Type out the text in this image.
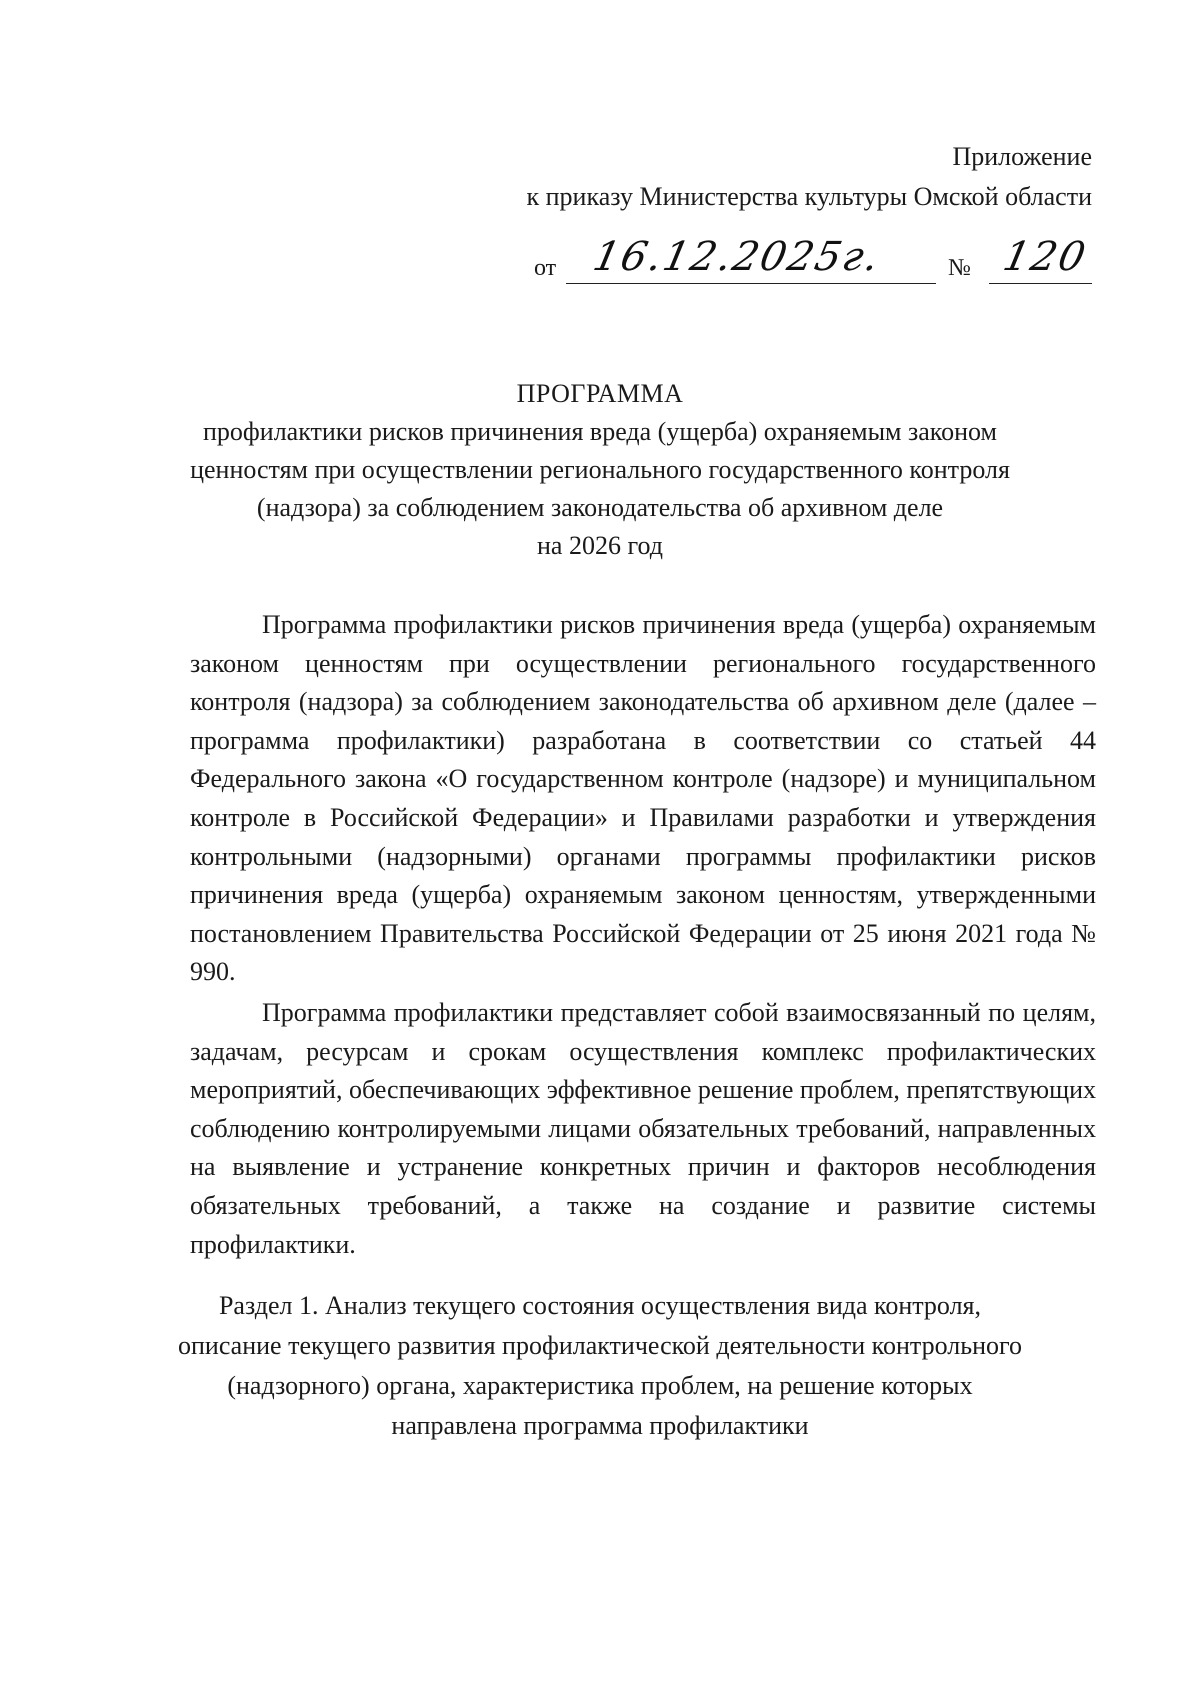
Приложение
к приказу Министерства культуры Омской области
от 16.12.2025г.	№ 120
ПРОГРАММА
профилактики рисков причинения вреда (ущерба) охраняемым законом
ценностям при осуществлении регионального государственного контроля
(надзора) за соблюдением законодательства об архивном деле
на 2026 год

Программа профилактики рисков причинения вреда (ущерба) охраняемым законом ценностям при осуществлении регионального государственного контроля (надзора) за соблюдением законодательства об архивном деле (далее – программа профилактики) разработана в соответствии со статьей 44 Федерального закона «О государственном контроле (надзоре) и муниципальном контроле в Российской Федерации» и Правилами разработки и утверждения контрольными (надзорными) органами программы профилактики рисков причинения вреда (ущерба) охраняемым законом ценностям, утвержденными постановлением Правительства Российской Федерации от 25 июня 2021 года № 990.

Программа профилактики представляет собой взаимосвязанный по целям, задачам, ресурсам и срокам осуществления комплекс профилактических мероприятий, обеспечивающих эффективное решение проблем, препятствующих соблюдению контролируемыми лицами обязательных требований, направленных на выявление и устранение конкретных причин и факторов несоблюдения обязательных требований, а также на создание и развитие системы профилактики.

Раздел 1. Анализ текущего состояния осуществления вида контроля,
описание текущего развития профилактической деятельности контрольного
(надзорного) органа, характеристика проблем, на решение которых
направлена программа профилактики
